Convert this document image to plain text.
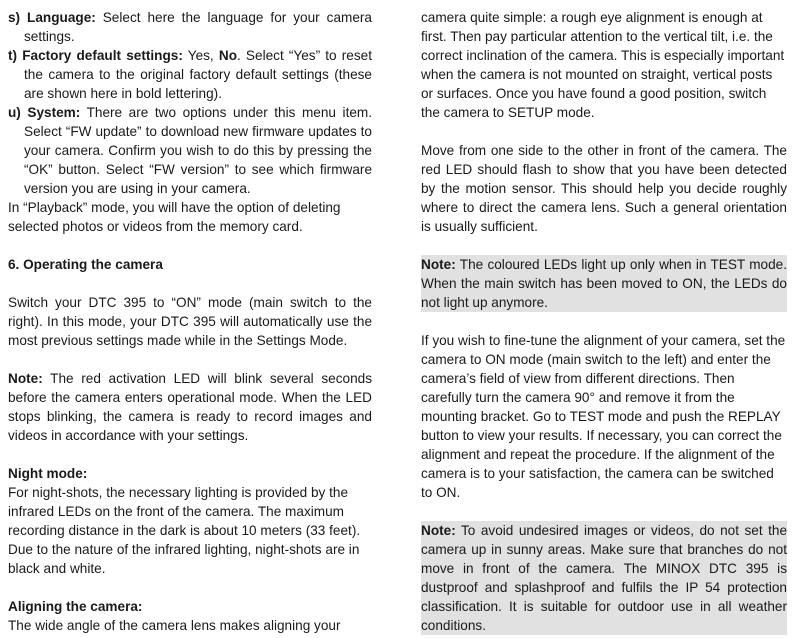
s) Language: Select here the language for your camera settings.

t) Factory default settings: Yes, No. Select “Yes” to reset the camera to the original factory default settings (these are shown here in bold lettering).

u) System: There are two options under this menu item. Select “FW update” to download new firmware updates to your camera. Confirm you wish to do this by pressing the “OK” button. Select “FW version” to see which firmware version you are using in your camera.

In “Playback” mode, you will have the option of deleting selected photos or videos from the memory card.

6. Operating the camera

Switch your DTC 395 to “ON” mode (main switch to the right). In this mode, your DTC 395 will automatically use the most previous settings made while in the Settings Mode.

Note: The red activation LED will blink several seconds before the camera enters operational mode. When the LED stops blinking, the camera is ready to record images and videos in accordance with your settings.

Night mode:

For night-shots, the necessary lighting is provided by the infrared LEDs on the front of the camera. The maximum recording distance in the dark is about 10 meters (33 feet). Due to the nature of the infrared lighting, night-shots are in black and white.

Aligning the camera:

The wide angle of the camera lens makes aligning your

camera quite simple: a rough eye alignment is enough at first. Then pay particular attention to the vertical tilt, i.e. the correct inclination of the camera. This is especially important when the camera is not mounted on straight, vertical posts or surfaces. Once you have found a good position, switch the camera to SETUP mode.

Move from one side to the other in front of the camera. The red LED should flash to show that you have been detected by the motion sensor. This should help you decide roughly where to direct the camera lens. Such a general orientation is usually sufficient.

Note: The coloured LEDs light up only when in TEST mode. When the main switch has been moved to ON, the LEDs do not light up anymore.

If you wish to fine-tune the alignment of your camera, set the camera to ON mode (main switch to the left) and enter the camera’s field of view from different directions. Then carefully turn the camera 90° and remove it from the mounting bracket. Go to TEST mode and push the REPLAY button to view your results. If necessary, you can correct the alignment and repeat the procedure. If the alignment of the camera is to your satisfaction, the camera can be switched to ON.

Note: To avoid undesired images or videos, do not set the camera up in sunny areas. Make sure that branches do not move in front of the camera. The MINOX DTC 395 is dustproof and splashproof and fulfils the IP 54 protection classification. It is suitable for outdoor use in all weather conditions.
